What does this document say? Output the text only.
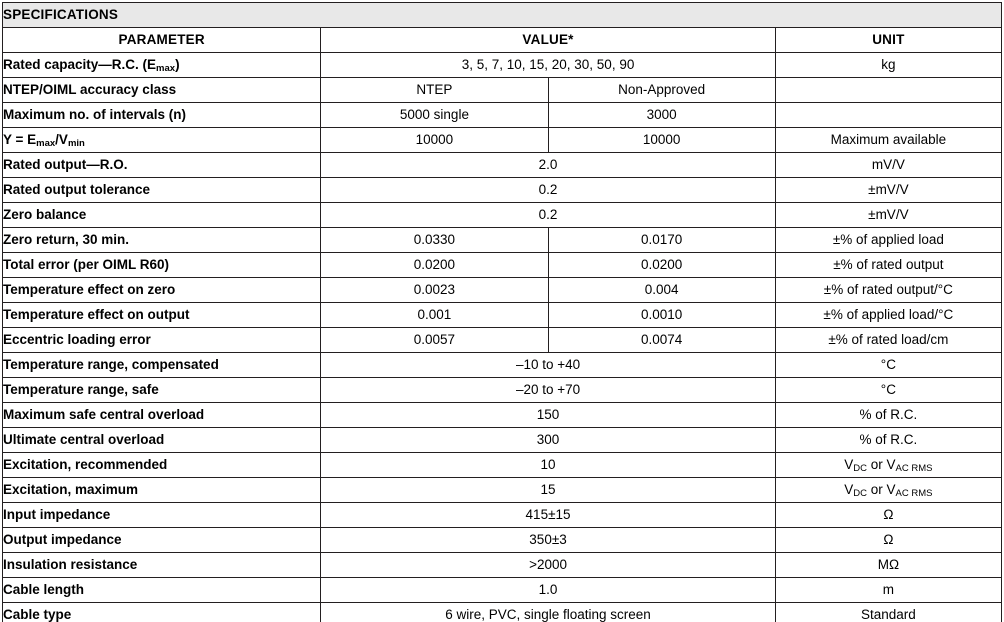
SPECIFICATIONS			
PARAMETER	VALUE*		UNIT
Rated capacity—R.C. $(E_{max})$	3, 5, 7, 10, 15, 20, 30, 50, 90		kg
NTEP/OIML accuracy class	NTEP	Non-Approved	
Maximum no. of intervals (n)	5000 single	3000	
$Y = E_{max}/V_{min}$	10000	10000	Maximum available
Rated output—R.O.	2.0		mV/V
Rated output tolerance	0.2		±mV/V
Zero balance	0.2		±mV/V
Zero return, 30 min.	0.0330	0.0170	±% of applied load
Total error (per OIML R60)	0.0200	0.0200	±% of rated output
Temperature effect on zero	0.0023	0.004	±% of rated output/°C
Temperature effect on output	0.001	0.0010	±% of applied load/°C
Eccentric loading error	0.0057	0.0074	±% of rated load/cm
Temperature range, compensated	–10 to +40		°C
Temperature range, safe	–20 to +70		°C
Maximum safe central overload	150		% of R.C.
Ultimate central overload	300		% of R.C.
Excitation, recommended	10		$V_{DC}$ or $V_{AC RMS}$
Excitation, maximum	15		$V_{DC}$ or $V_{AC RMS}$
Input impedance	415±15		Ω
Output impedance	350±3		Ω
Insulation resistance	>2000		MΩ
Cable length	1.0		m
Cable type	6 wire, PVC, single floating screen		Standard
